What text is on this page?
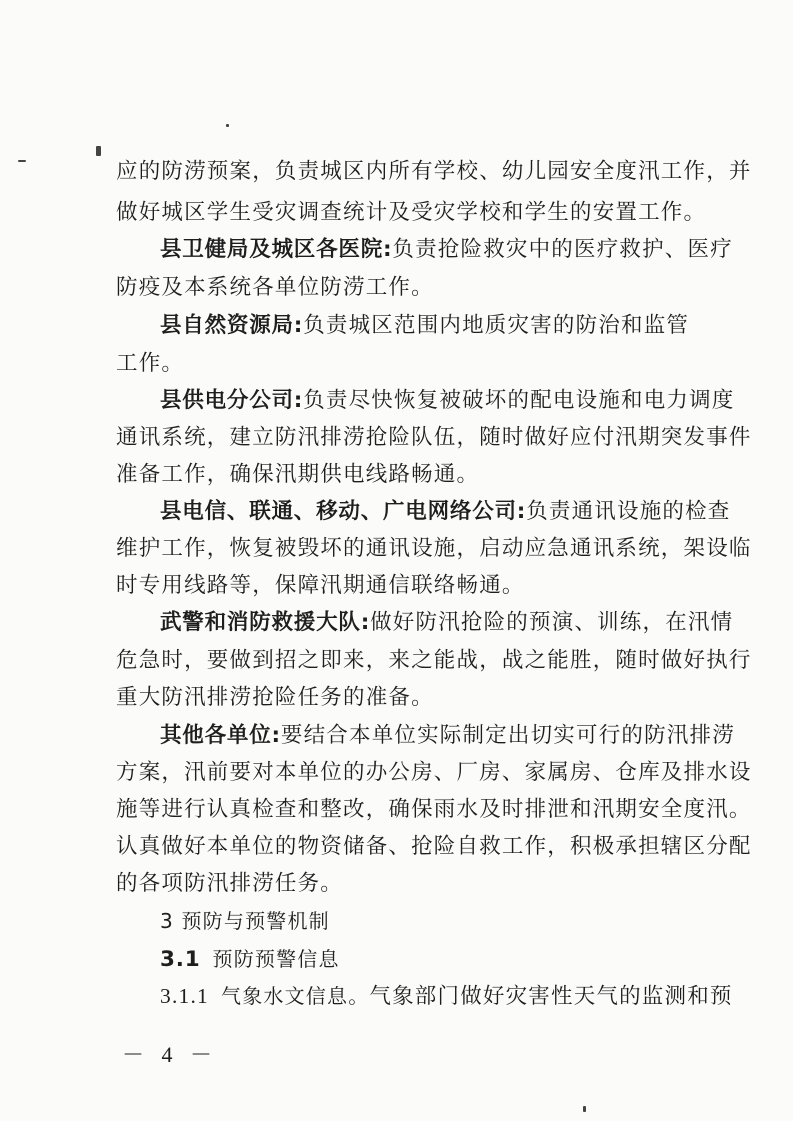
应的防涝预案，负责城区内所有学校、幼儿园安全度汛工作，并
做好城区学生受灾调查统计及受灾学校和学生的安置工作。
县卫健局及城区各医院:负责抢险救灾中的医疗救护、医疗
防疫及本系统各单位防涝工作。
县自然资源局:负责城区范围内地质灾害的防治和监管
工作。
县供电分公司:负责尽快恢复被破坏的配电设施和电力调度
通讯系统，建立防汛排涝抢险队伍，随时做好应付汛期突发事件
准备工作，确保汛期供电线路畅通。
县电信、联通、移动、广电网络公司:负责通讯设施的检查
维护工作，恢复被毁坏的通讯设施，启动应急通讯系统，架设临
时专用线路等，保障汛期通信联络畅通。
武警和消防救援大队:做好防汛抢险的预演、训练，在汛情
危急时，要做到招之即来，来之能战，战之能胜，随时做好执行
重大防汛排涝抢险任务的准备。
其他各单位:要结合本单位实际制定出切实可行的防汛排涝
方案，汛前要对本单位的办公房、厂房、家属房、仓库及排水设
施等进行认真检查和整改，确保雨水及时排泄和汛期安全度汛。
认真做好本单位的物资储备、抢险自救工作，积极承担辖区分配
的各项防汛排涝任务。
3 预防与预警机制
3.1 预防预警信息
3.1.1 气象水文信息。气象部门做好灾害性天气的监测和预
－ 4 －
